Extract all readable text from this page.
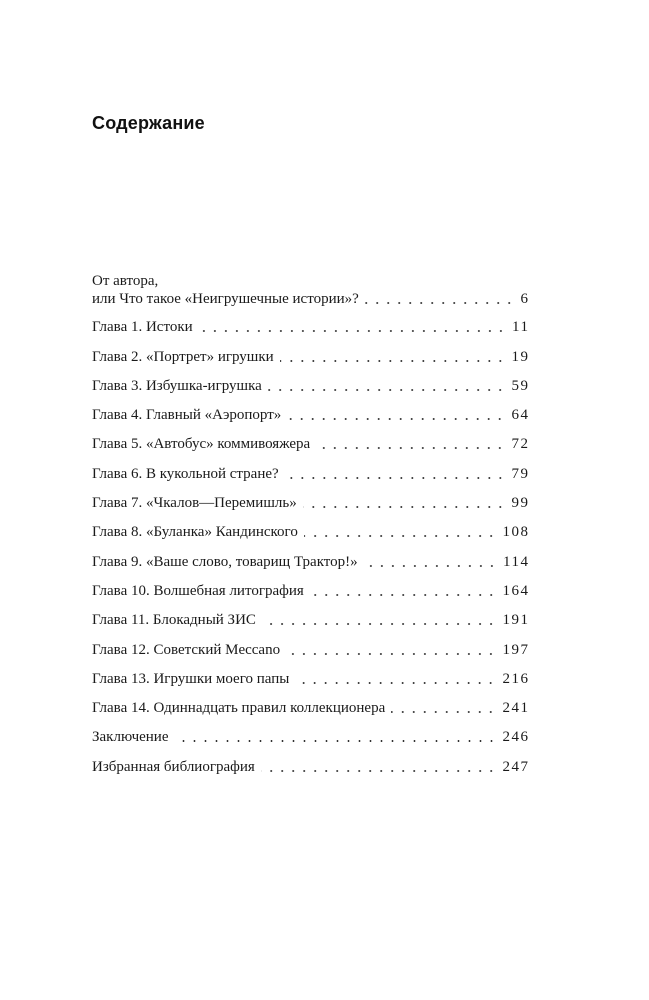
Содержание
От автора,
или Что такое «Неигрушечные истории»?	6
Глава 1. Истоки	11
Глава 2. «Портрет» игрушки	19
Глава 3. Избушка-игрушка	59
Глава 4. Главный «Аэропорт»	64
Глава 5. «Автобус» коммивояжера	72
Глава 6. В кукольной стране?	79
Глава 7. «Чкалов—Перемишль»	99
Глава 8. «Буланка» Кандинского	108
Глава 9. «Ваше слово, товарищ Трактор!»	114
Глава 10. Волшебная литография	164
Глава 11. Блокадный ЗИС	191
Глава 12. Советский Meccano	197
Глава 13. Игрушки моего папы	216
Глава 14. Одиннадцать правил коллекционера	241
Заключение	246
Избранная библиография	247
